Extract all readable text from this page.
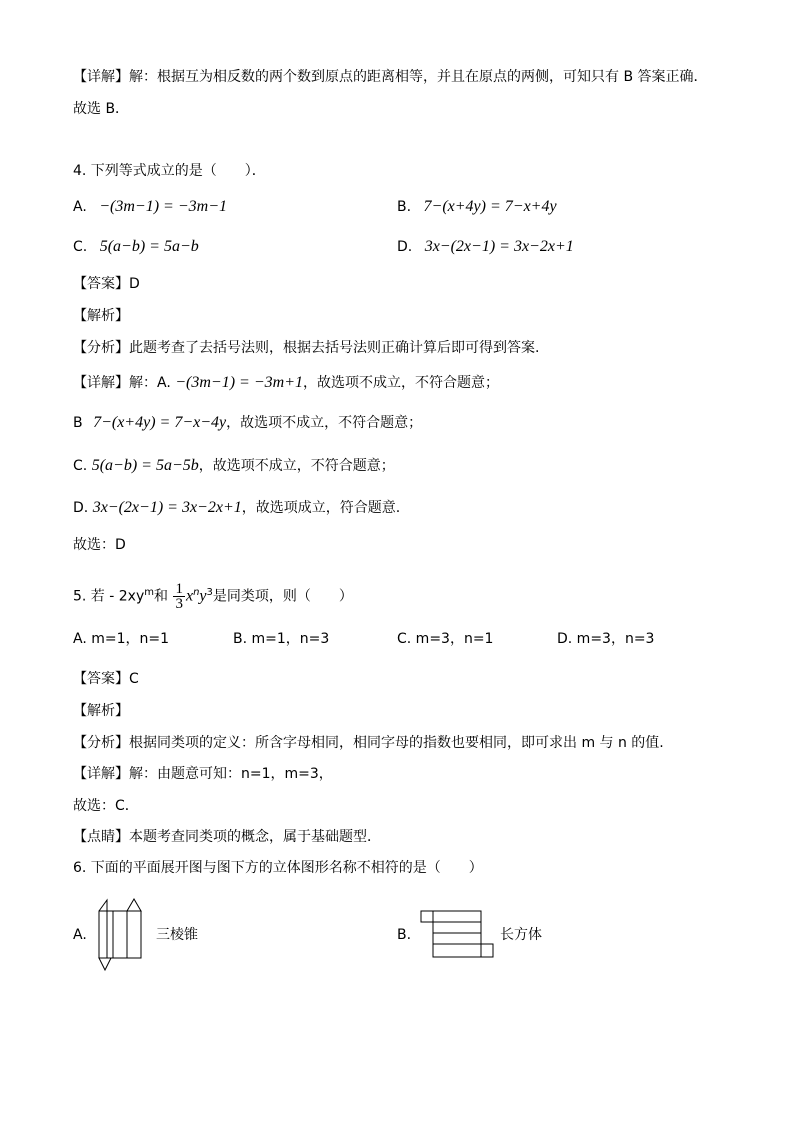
【详解】解：根据互为相反数的两个数到原点的距离相等，并且在原点的两侧，可知只有 B 答案正确．
故选 B．
4. 下列等式成立的是（　　）．
A. −(3m−1) = −3m−1	B. 7−(x+4y) = 7−x+4y
C. 5(a−b) = 5a−b	D. 3x−(2x−1) = 3x−2x+1
【答案】D
【解析】
【分析】此题考查了去括号法则，根据去括号法则正确计算后即可得到答案.
【详解】解：A. −(3m−1) = −3m+1，故选项不成立，不符合题意；
B 7−(x+4y) = 7−x−4y，故选项不成立，不符合题意；
C. 5(a−b) = 5a−5b，故选项不成立，不符合题意；
D. 3x−(2x−1) = 3x−2x+1，故选项成立，符合题意.
故选：D
5. 若 - $2xy^m$和 $\frac{1}{3} x^ny^3$是同类项，则（　　）
A. m=1，n=1	B. m=1，n=3	C. m=3，n=1	D. m=3，n=3
【答案】C
【解析】
【分析】根据同类项的定义：所含字母相同，相同字母的指数也要相同，即可求出 m 与 n 的值.
【详解】解：由题意可知：n=1，m=3，
故选：C．
【点睛】本题考查同类项的概念，属于基础题型．
6. 下面的平面展开图与图下方的立体图形名称不相符的是（　　）
A.	三棱锥	B.	长方体
